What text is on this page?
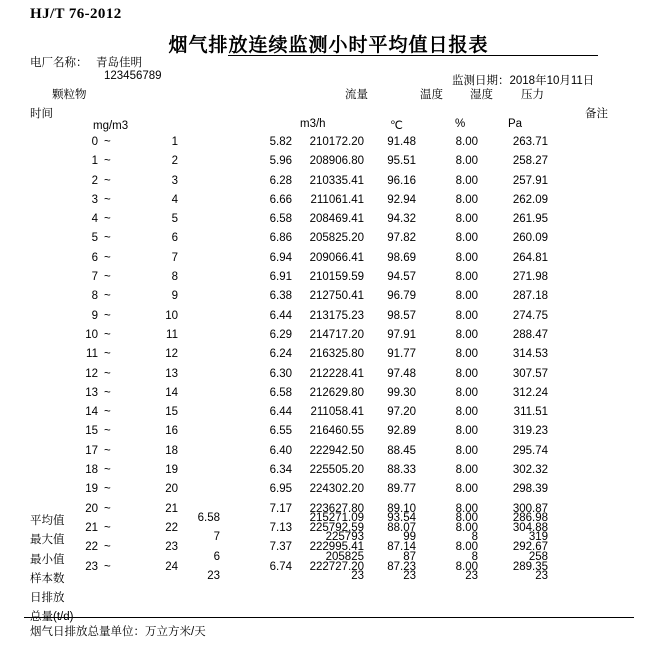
HJ/T 76-2012
烟气排放连续监测小时平均值日报表
电厂名称： 青岛佳明
123456789	监测日期：2018年10月11日
颗粒物	流量	温度 湿度 压力
时间	备注
mg/m3	m3/h	℃	%	Pa
0 ~	1	5.82	210172.20	91.48	8.00	263.71
1 ~	2	5.96	208906.80	95.51	8.00	258.27
2 ~	3	6.28	210335.41	96.16	8.00	257.91
3 ~	4	6.66	211061.41	92.94	8.00	262.09
4 ~	5	6.58	208469.41	94.32	8.00	261.95
5 ~	6	6.86	205825.20	97.82	8.00	260.09
6 ~	7	6.94	209066.41	98.69	8.00	264.81
7 ~	8	6.91	210159.59	94.57	8.00	271.98
8 ~	9	6.38	212750.41	96.79	8.00	287.18
9 ~	10	6.44	213175.23	98.57	8.00	274.75
10 ~	11	6.29	214717.20	97.91	8.00	288.47
11 ~	12	6.24	216325.80	91.77	8.00	314.53
12 ~	13	6.30	212228.41	97.48	8.00	307.57
13 ~	14	6.58	212629.80	99.30	8.00	312.24
14 ~	15	6.44	211058.41	97.20	8.00	311.51
15 ~	16	6.55	216460.55	92.89	8.00	319.23
17 ~	18	6.40	222942.50	88.45	8.00	295.74
18 ~	19	6.34	225505.20	88.33	8.00	302.32
19 ~	20	6.95	224302.20	89.77	8.00	298.39
20 ~	21	7.17	223627.80	89.10	8.00	300.87
21 ~	22	7.13	225792.59	88.07	8.00	304.88
22 ~	23	7.37	222995.41	87.14	8.00	292.67
23 ~	24	6.74	222727.20	87.23	8.00	289.35
平均值	6.58	215271.09	93.54	8.00	286.98
最大值	7	225793	99	8	319
最小值	6	205825	87	8	258
样本数	23	23	23	23	23
日排放
总量(t/d)
烟气日排放总量单位：万立方米/天
